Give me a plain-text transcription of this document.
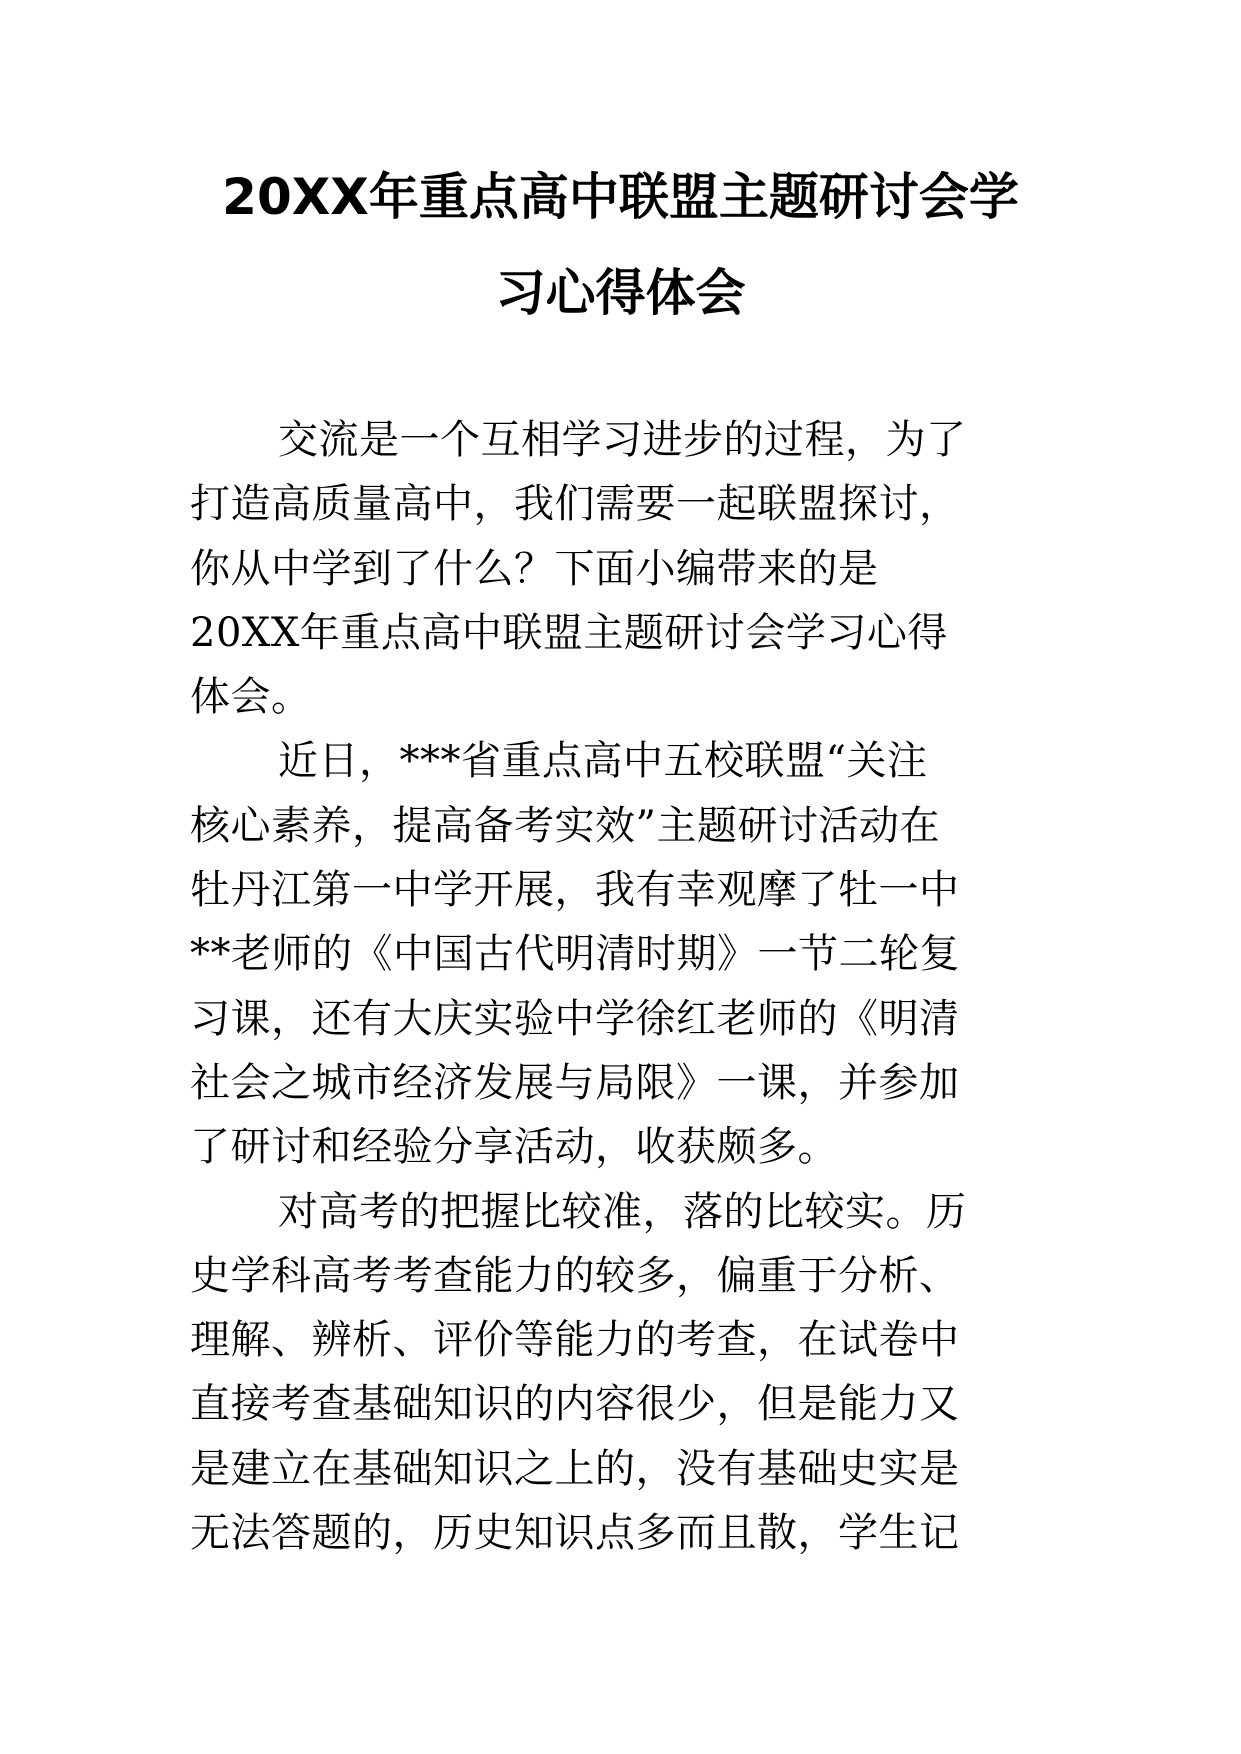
20XX年重点高中联盟主题研讨会学
习心得体会
交流是一个互相学习进步的过程，为了
打造高质量高中，我们需要一起联盟探讨，
你从中学到了什么？下面小编带来的是
20XX年重点高中联盟主题研讨会学习心得
体会。
近日，***省重点高中五校联盟“关注
核心素养，提高备考实效”主题研讨活动在
牡丹江第一中学开展，我有幸观摩了牡一中
**老师的《中国古代明清时期》一节二轮复
习课，还有大庆实验中学徐红老师的《明清
社会之城市经济发展与局限》一课，并参加
了研讨和经验分享活动，收获颇多。
对高考的把握比较准，落的比较实。历
史学科高考考查能力的较多，偏重于分析、
理解、辨析、评价等能力的考查，在试卷中
直接考查基础知识的内容很少，但是能力又
是建立在基础知识之上的，没有基础史实是
无法答题的，历史知识点多而且散，学生记
